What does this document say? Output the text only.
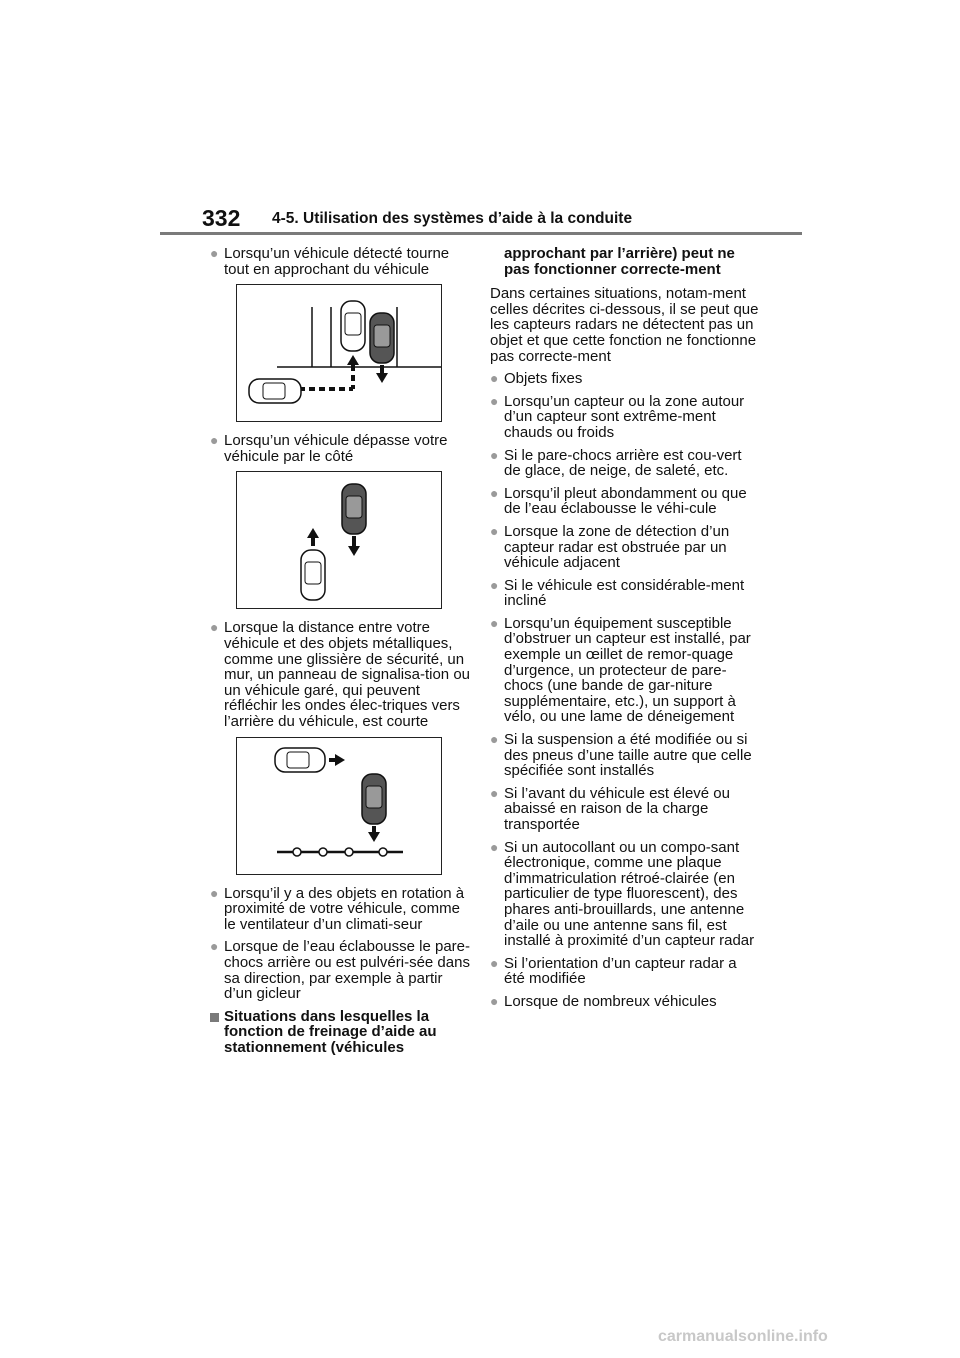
332 4-5. Utilisation des systèmes d’aide à la conduite
● Lorsqu’un véhicule détecté tourne tout en approchant du véhicule
● Lorsqu’un véhicule dépasse votre véhicule par le côté
● Lorsque la distance entre votre véhicule et des objets métalliques, comme une glissière de sécurité, un mur, un panneau de signalisa-tion ou un véhicule garé, qui peuvent réfléchir les ondes élec-triques vers l’arrière du véhicule, est courte
● Lorsqu’il y a des objets en rotation à proximité de votre véhicule, comme le ventilateur d’un climati-seur
● Lorsque de l’eau éclabousse le pare-chocs arrière ou est pulvéri-sée dans sa direction, par exemple à partir d’un gicleur
Situations dans lesquelles la fonction de freinage d’aide au stationnement (véhicules
approchant par l’arrière) peut ne pas fonctionner correcte-ment
Dans certaines situations, notam-ment celles décrites ci-dessous, il se peut que les capteurs radars ne détectent pas un objet et que cette fonction ne fonctionne pas correcte-ment
● Objets fixes
● Lorsqu’un capteur ou la zone autour d’un capteur sont extrême-ment chauds ou froids
● Si le pare-chocs arrière est cou-vert de glace, de neige, de saleté, etc.
● Lorsqu’il pleut abondamment ou que de l’eau éclabousse le véhi-cule
● Lorsque la zone de détection d’un capteur radar est obstruée par un véhicule adjacent
● Si le véhicule est considérable-ment incliné
● Lorsqu’un équipement susceptible d’obstruer un capteur est installé, par exemple un œillet de remor-quage d’urgence, un protecteur de pare-chocs (une bande de gar-niture supplémentaire, etc.), un support à vélo, ou une lame de déneigement
● Si la suspension a été modifiée ou si des pneus d’une taille autre que celle spécifiée sont installés
● Si l’avant du véhicule est élevé ou abaissé en raison de la charge transportée
● Si un autocollant ou un compo-sant électronique, comme une plaque d’immatriculation rétroé-clairée (en particulier de type fluorescent), des phares anti-brouillards, une antenne d’aile ou une antenne sans fil, est installé à proximité d’un capteur radar
● Si l’orientation d’un capteur radar a été modifiée
● Lorsque de nombreux véhicules
carmanualsonline.info
